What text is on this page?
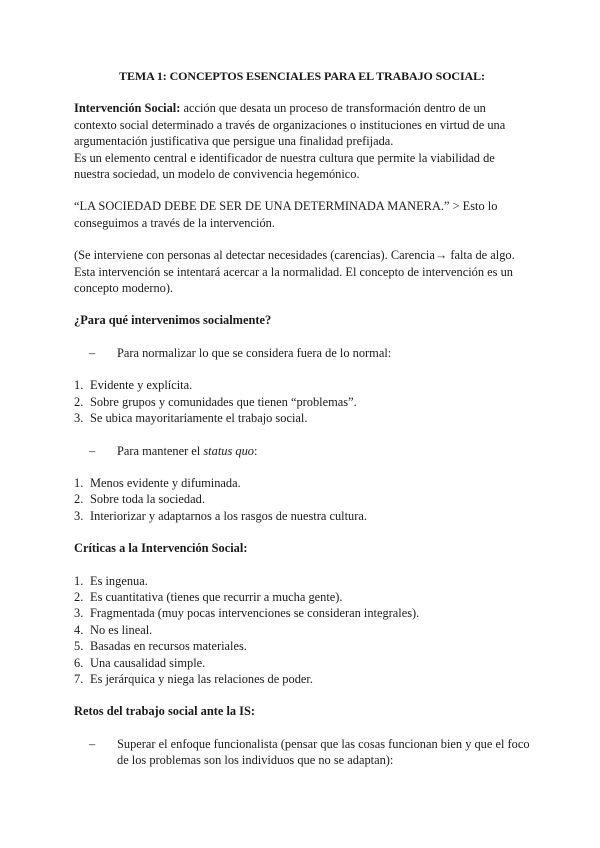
TEMA 1: CONCEPTOS ESENCIALES PARA EL TRABAJO SOCIAL:

Intervención Social: acción que desata un proceso de transformación dentro de un contexto social determinado a través de organizaciones o instituciones en virtud de una argumentación justificativa que persigue una finalidad prefijada.

Es un elemento central e identificador de nuestra cultura que permite la viabilidad de nuestra sociedad, un modelo de convivencia hegemónico.

“LA SOCIEDAD DEBE DE SER DE UNA DETERMINADA MANERA.” > Esto lo conseguimos a través de la intervención.

(Se interviene con personas al detectar necesidades (carencias). Carencia→ falta de algo. Esta intervención se intentará acercar a la normalidad. El concepto de intervención es un concepto moderno).

¿Para qué intervenimos socialmente?

– Para normalizar lo que se considera fuera de lo normal:
1. Evidente y explícita.
2. Sobre grupos y comunidades que tienen “problemas”.
3. Se ubica mayoritariamente el trabajo social.
– Para mantener el status quo:
1. Menos evidente y difuminada.
2. Sobre toda la sociedad.
3. Interiorizar y adaptarnos a los rasgos de nuestra cultura.

Críticas a la Intervención Social:

1. Es ingenua.
2. Es cuantitativa (tienes que recurrir a mucha gente).
3. Fragmentada (muy pocas intervenciones se consideran integrales).
4. No es lineal.
5. Basadas en recursos materiales.
6. Una causalidad simple.
7. Es jerárquica y niega las relaciones de poder.

Retos del trabajo social ante la IS:

– Superar el enfoque funcionalista (pensar que las cosas funcionan bien y que el foco de los problemas son los individuos que no se adaptan):
